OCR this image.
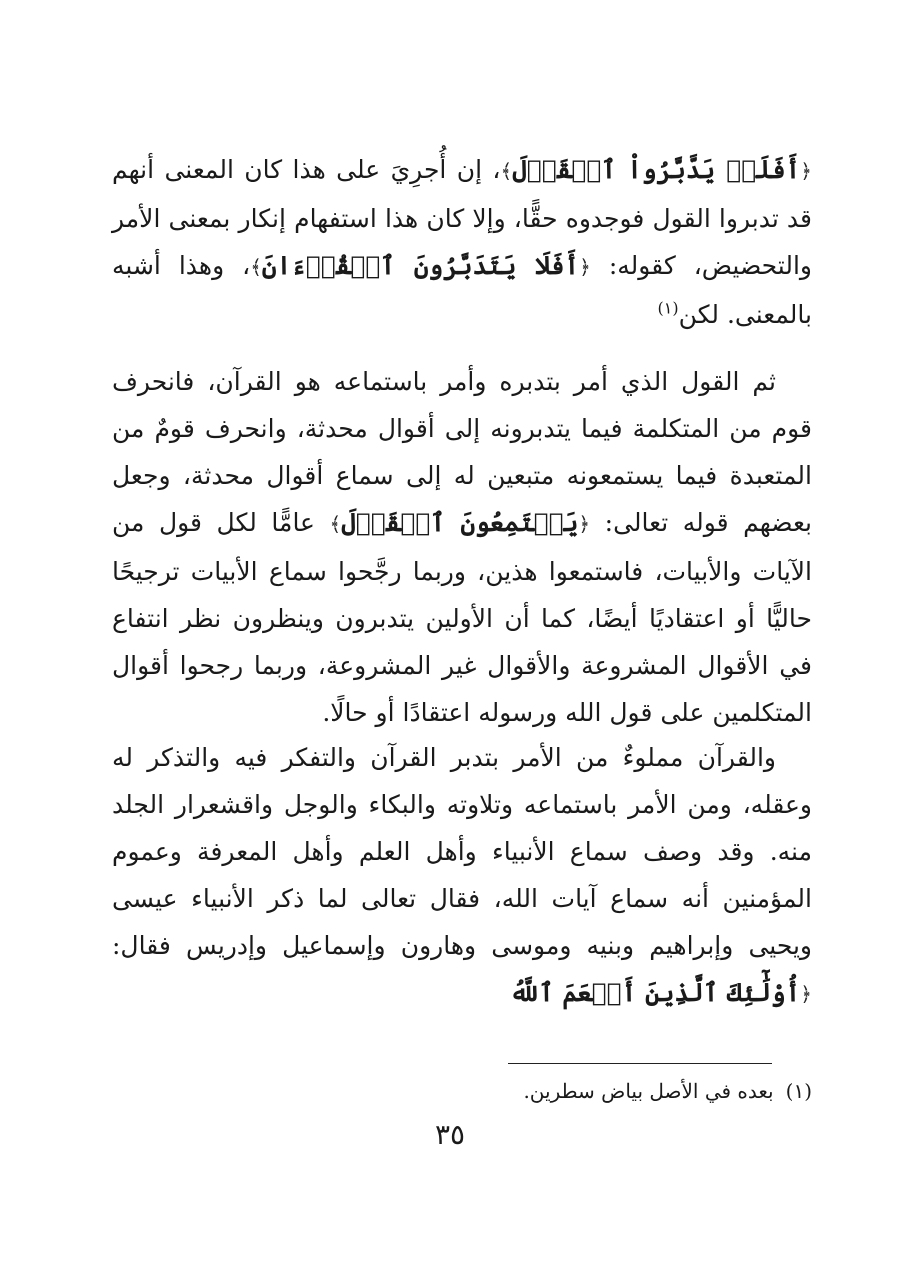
﴿أَفَلَمۡ يَدَّبَّرُواْ ٱلۡقَوۡلَ﴾، إن أُجرِيَ على هذا كان المعنى أنهم قد تدبروا القول فوجدوه حقًّا، وإلا كان هذا استفهام إنكار بمعنى الأمر والتحضيض، كقوله: ﴿أَفَلَا يَتَدَبَّرُونَ ٱلۡقُرۡءَانَ﴾، وهذا أشبه بالمعنى. لكن$^{(١)}$

ثم القول الذي أمر بتدبره وأمر باستماعه هو القرآن، فانحرف قوم من المتكلمة فيما يتدبرونه إلى أقوال محدثة، وانحرف قومٌ من المتعبدة فيما يستمعونه متبعين له إلى سماع أقوال محدثة، وجعل بعضهم قوله تعالى: ﴿يَسۡتَمِعُونَ ٱلۡقَوۡلَ﴾ عامًّا لكل قول من الآيات والأبيات، فاستمعوا هذين، وربما رجَّحوا سماع الأبيات ترجيحًا حاليًّا أو اعتقاديًا أيضًا، كما أن الأولين يتدبرون وينظرون نظر انتفاع في الأقوال المشروعة والأقوال غير المشروعة، وربما رجحوا أقوال المتكلمين على قول الله ورسوله اعتقادًا أو حالًا.

والقرآن مملوءٌ من الأمر بتدبر القرآن والتفكر فيه والتذكر له وعقله، ومن الأمر باستماعه وتلاوته والبكاء والوجل واقشعرار الجلد منه. وقد وصف سماع الأنبياء وأهل العلم وأهل المعرفة وعموم المؤمنين أنه سماع آيات الله، فقال تعالى لما ذكر الأنبياء عيسى ويحيى وإبراهيم وبنيه وموسى وهارون وإسماعيل وإدريس فقال: ﴿أُوْلَٰٓئِكَ ٱلَّذِينَ أَنۡعَمَ ٱللَّهُ

(١)بعده في الأصل بياض سطرين.
٣٥
